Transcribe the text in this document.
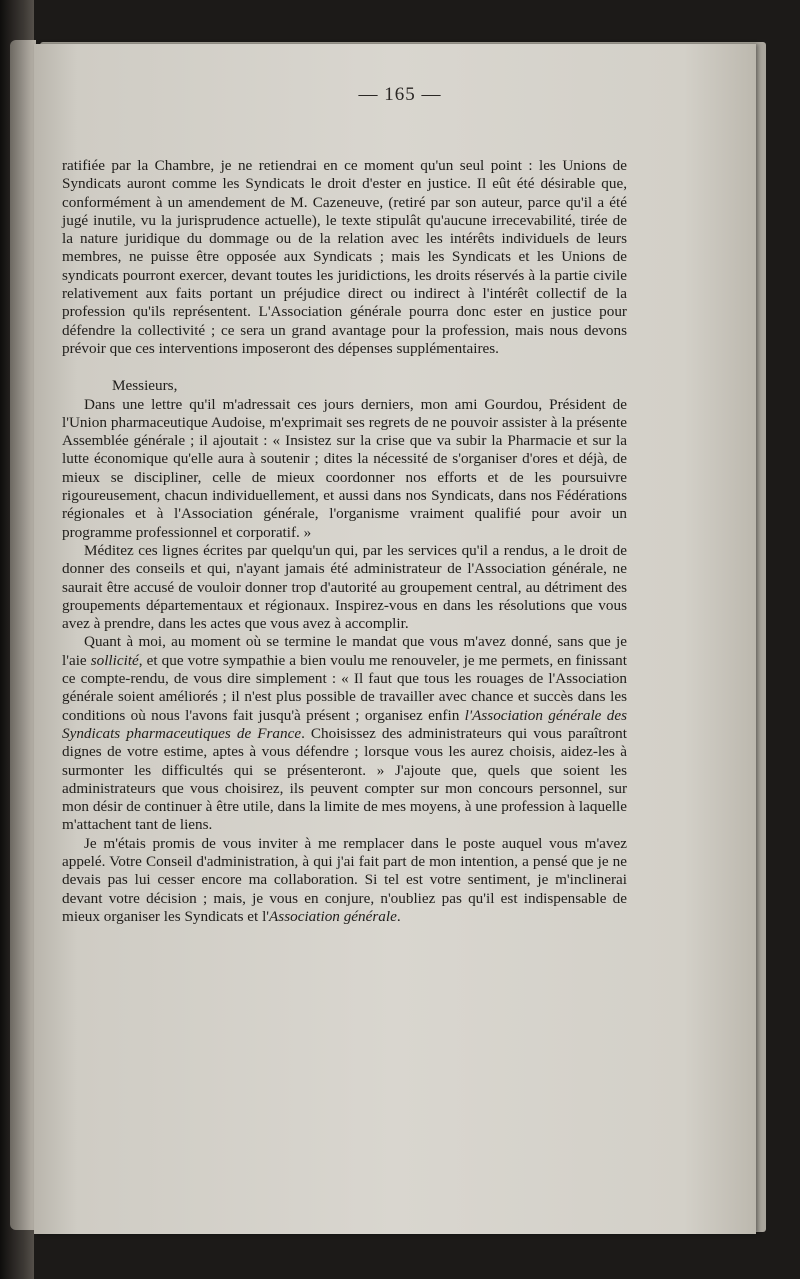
— 165 —

ratifiée par la Chambre, je ne retiendrai en ce moment qu'un seul point : les Unions de Syndicats auront comme les Syndicats le droit d'ester en justice. Il eût été désirable que, conformément à un amendement de M. Cazeneuve, (retiré par son auteur, parce qu'il a été jugé inutile, vu la jurisprudence actuelle), le texte stipulât qu'aucune irrecevabilité, tirée de la nature juridique du dommage ou de la relation avec les intérêts individuels de leurs membres, ne puisse être opposée aux Syndicats ; mais les Syndicats et les Unions de syndicats pourront exercer, devant toutes les juridictions, les droits réservés à la partie civile relativement aux faits portant un préjudice direct ou indirect à l'intérêt collectif de la profession qu'ils représentent. L'Association générale pourra donc ester en justice pour défendre la collectivité ; ce sera un grand avantage pour la profession, mais nous devons prévoir que ces interventions imposeront des dépenses supplémentaires.

Messieurs,

Dans une lettre qu'il m'adressait ces jours derniers, mon ami Gourdou, Président de l'Union pharmaceutique Audoise, m'exprimait ses regrets de ne pouvoir assister à la présente Assemblée générale ; il ajoutait : « Insistez sur la crise que va subir la Pharmacie et sur la lutte économique qu'elle aura à soutenir ; dites la nécessité de s'organiser d'ores et déjà, de mieux se discipliner, celle de mieux coordonner nos efforts et de les poursuivre rigoureusement, chacun individuellement, et aussi dans nos Syndicats, dans nos Fédérations régionales et à l'Association générale, l'organisme vraiment qualifié pour avoir un programme professionnel et corporatif. »

Méditez ces lignes écrites par quelqu'un qui, par les services qu'il a rendus, a le droit de donner des conseils et qui, n'ayant jamais été administrateur de l'Association générale, ne saurait être accusé de vouloir donner trop d'autorité au groupement central, au détriment des groupements départementaux et régionaux. Inspirez-vous en dans les résolutions que vous avez à prendre, dans les actes que vous avez à accomplir.

Quant à moi, au moment où se termine le mandat que vous m'avez donné, sans que je l'aie sollicité, et que votre sympathie a bien voulu me renouveler, je me permets, en finissant ce compte-rendu, de vous dire simplement : « Il faut que tous les rouages de l'Association générale soient améliorés ; il n'est plus possible de travailler avec chance et succès dans les conditions où nous l'avons fait jusqu'à présent ; organisez enfin l'Association générale des Syndicats pharmaceutiques de France. Choisissez des administrateurs qui vous paraîtront dignes de votre estime, aptes à vous défendre ; lorsque vous les aurez choisis, aidez-les à surmonter les difficultés qui se présenteront. » J'ajoute que, quels que soient les administrateurs que vous choisirez, ils peuvent compter sur mon concours personnel, sur mon désir de continuer à être utile, dans la limite de mes moyens, à une profession à laquelle m'attachent tant de liens.

Je m'étais promis de vous inviter à me remplacer dans le poste auquel vous m'avez appelé. Votre Conseil d'administration, à qui j'ai fait part de mon intention, a pensé que je ne devais pas lui cesser encore ma collaboration. Si tel est votre sentiment, je m'inclinerai devant votre décision ; mais, je vous en conjure, n'oubliez pas qu'il est indispensable de mieux organiser les Syndicats et l'Association générale.
